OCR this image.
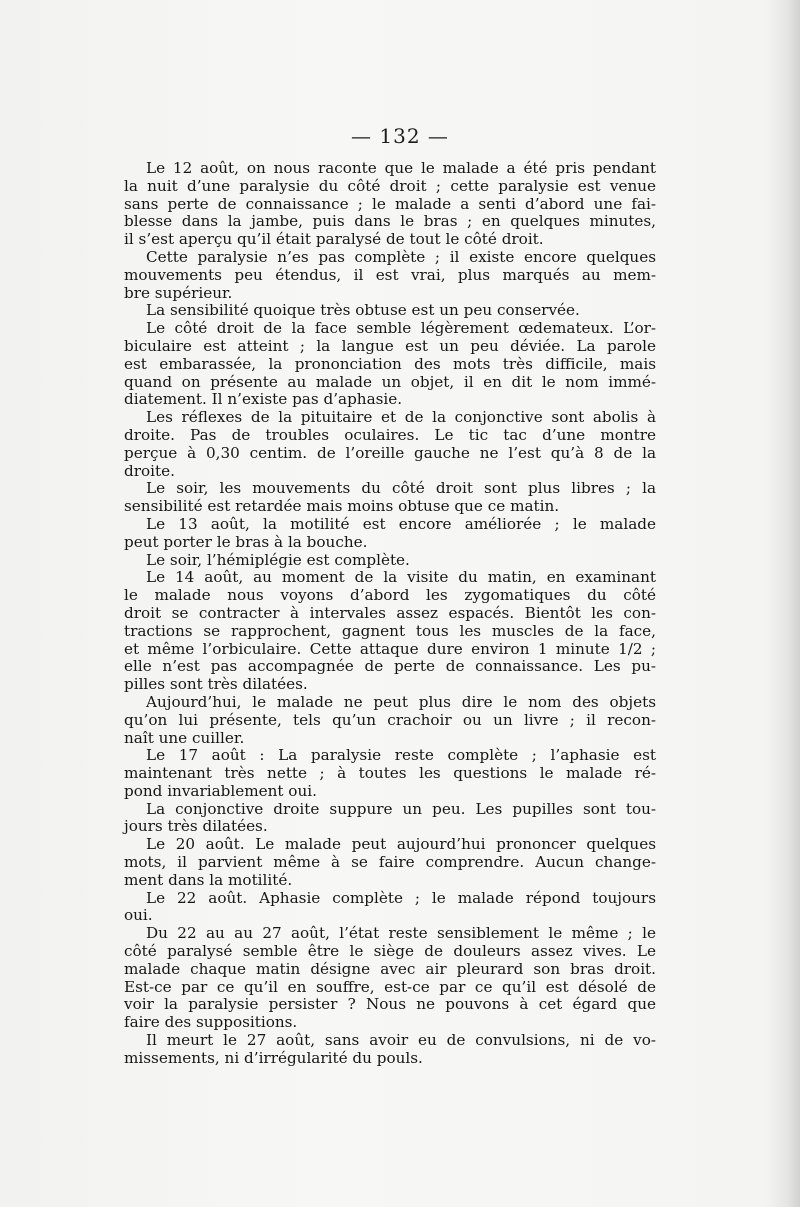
— 132 —
Le 12 août, on nous raconte que le malade a été pris pendant
la nuit d’une paralysie du côté droit ; cette paralysie est venue
sans perte de connaissance ; le malade a senti d’abord une fai-
blesse dans la jambe, puis dans le bras ; en quelques minutes,
il s’est aperçu qu’il était paralysé de tout le côté droit.
Cette paralysie n’es pas complète ; il existe encore quelques
mouvements peu étendus, il est vrai, plus marqués au mem-
bre supérieur.
La sensibilité quoique très obtuse est un peu conservée.
Le côté droit de la face semble légèrement œdemateux. L’or-
biculaire est atteint ; la langue est un peu déviée. La parole
est embarassée, la prononciation des mots très difficile, mais
quand on présente au malade un objet, il en dit le nom immé-
diatement. Il n’existe pas d’aphasie.
Les réflexes de la pituitaire et de la conjonctive sont abolis à
droite. Pas de troubles oculaires. Le tic tac d’une montre
perçue à 0,30 centim. de l’oreille gauche ne l’est qu’à 8 de la
droite.
Le soir, les mouvements du côté droit sont plus libres ; la
sensibilité est retardée mais moins obtuse que ce matin.
Le 13 août, la motilité est encore améliorée ; le malade
peut porter le bras à la bouche.
Le soir, l’hémiplégie est complète.
Le 14 août, au moment de la visite du matin, en examinant
le malade nous voyons d’abord les zygomatiques du côté
droit se contracter à intervales assez espacés. Bientôt les con-
tractions se rapprochent, gagnent tous les muscles de la face,
et même l’orbiculaire. Cette attaque dure environ 1 minute 1/2 ;
elle n’est pas accompagnée de perte de connaissance. Les pu-
pilles sont très dilatées.
Aujourd’hui, le malade ne peut plus dire le nom des objets
qu’on lui présente, tels qu’un crachoir ou un livre ; il recon-
naît une cuiller.
Le 17 août : La paralysie reste complète ; l’aphasie est
maintenant très nette ; à toutes les questions le malade ré-
pond invariablement oui.
La conjonctive droite suppure un peu. Les pupilles sont tou-
jours très dilatées.
Le 20 août. Le malade peut aujourd’hui prononcer quelques
mots, il parvient même à se faire comprendre. Aucun change-
ment dans la motilité.
Le 22 août. Aphasie complète ; le malade répond toujours
oui.
Du 22 au au 27 août, l’état reste sensiblement le même ; le
côté paralysé semble être le siège de douleurs assez vives. Le
malade chaque matin désigne avec air pleurard son bras droit.
Est-ce par ce qu’il en souffre, est-ce par ce qu’il est désolé de
voir la paralysie persister ? Nous ne pouvons à cet égard que
faire des suppositions.
Il meurt le 27 août, sans avoir eu de convulsions, ni de vo-
missements, ni d’irrégularité du pouls.
